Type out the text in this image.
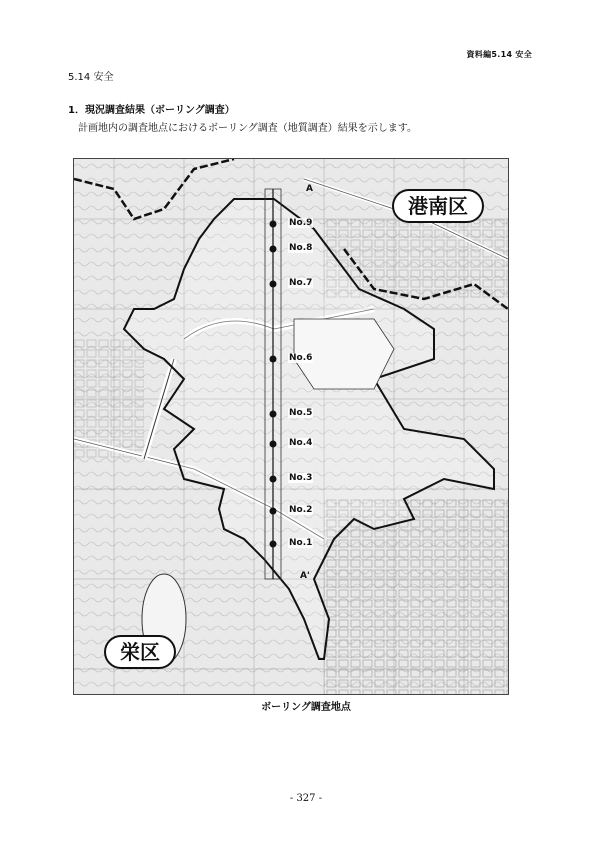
資料編5.14 安全
5.14 安全
1．現況調査結果（ボーリング調査）
計画地内の調査地点におけるボーリング調査（地質調査）結果を示します。
港南区
栄区
A
A'
No.9
No.8
No.7
No.6
No.5
No.4
No.3
No.2
No.1
ボーリング調査地点
- 327 -
